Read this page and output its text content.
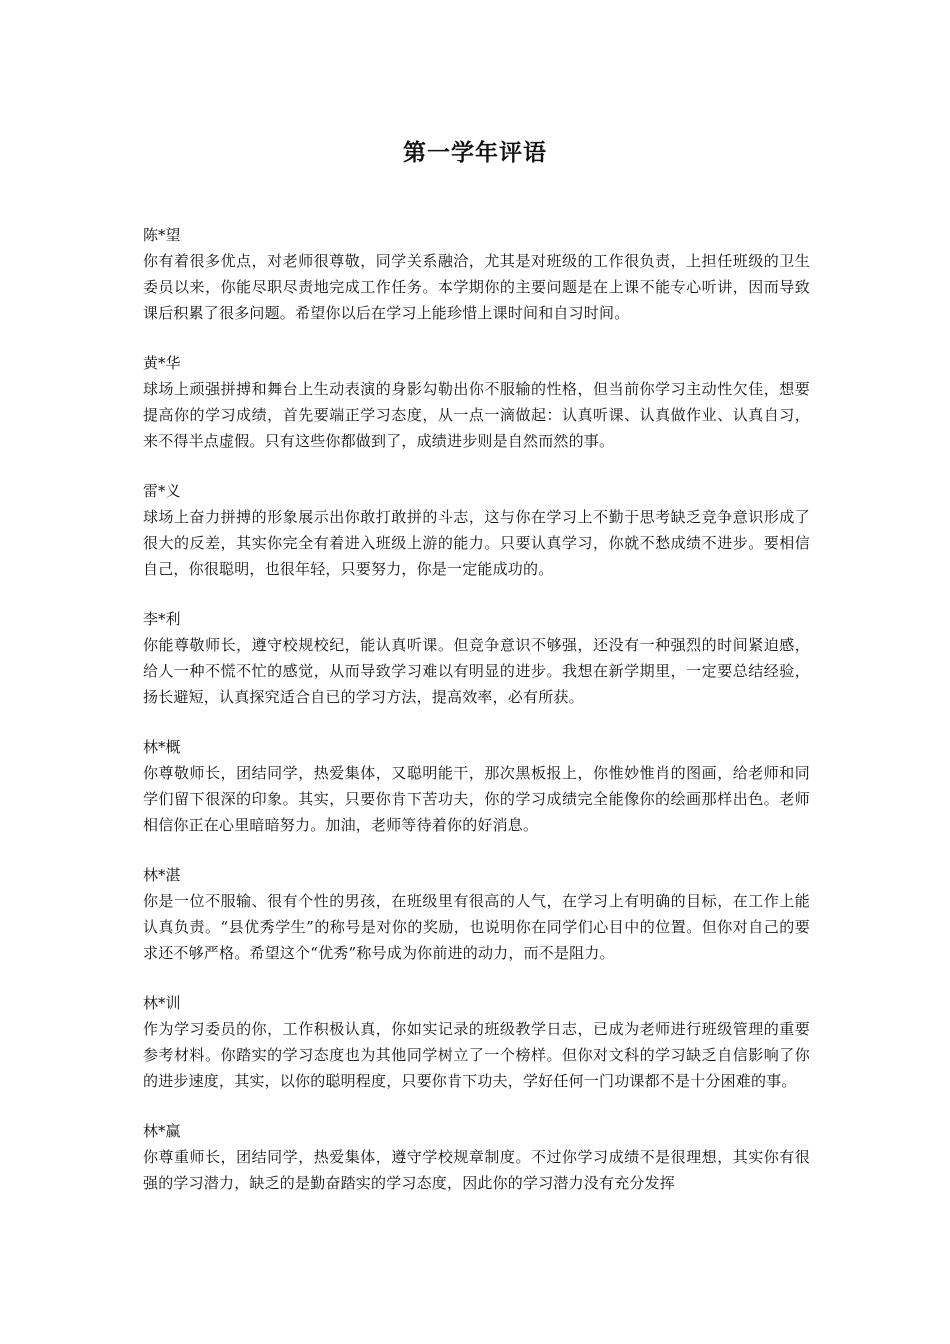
第一学年评语

陈*望

你有着很多优点，对老师很尊敬，同学关系融洽，尤其是对班级的工作很负责，上担任班级的卫生委员以来，你能尽职尽责地完成工作任务。本学期你的主要问题是在上课不能专心听讲，因而导致课后积累了很多问题。希望你以后在学习上能珍惜上课时间和自习时间。

黄*华

球场上顽强拼搏和舞台上生动表演的身影勾勒出你不服输的性格，但当前你学习主动性欠佳，想要提高你的学习成绩，首先要端正学习态度，从一点一滴做起：认真听课、认真做作业、认真自习，来不得半点虚假。只有这些你都做到了，成绩进步则是自然而然的事。

雷*义

球场上奋力拼搏的形象展示出你敢打敢拼的斗志，这与你在学习上不勤于思考缺乏竞争意识形成了很大的反差，其实你完全有着进入班级上游的能力。只要认真学习，你就不愁成绩不进步。要相信自己，你很聪明，也很年轻，只要努力，你是一定能成功的。

李*利

你能尊敬师长，遵守校规校纪，能认真听课。但竞争意识不够强，还没有一种强烈的时间紧迫感，给人一种不慌不忙的感觉，从而导致学习难以有明显的进步。我想在新学期里，一定要总结经验，扬长避短，认真探究适合自已的学习方法，提高效率，必有所获。

林*概

你尊敬师长，团结同学，热爱集体，又聪明能干，那次黑板报上，你惟妙惟肖的图画，给老师和同学们留下很深的印象。其实，只要你肯下苦功夫，你的学习成绩完全能像你的绘画那样出色。老师相信你正在心里暗暗努力。加油，老师等待着你的好消息。

林*湛

你是一位不服输、很有个性的男孩，在班级里有很高的人气，在学习上有明确的目标，在工作上能认真负责。“县优秀学生”的称号是对你的奖励，也说明你在同学们心目中的位置。但你对自己的要求还不够严格。希望这个“优秀”称号成为你前进的动力，而不是阻力。

林*训

作为学习委员的你，工作积极认真，你如实记录的班级教学日志，已成为老师进行班级管理的重要参考材料。你踏实的学习态度也为其他同学树立了一个榜样。但你对文科的学习缺乏自信影响了你的进步速度，其实，以你的聪明程度，只要你肯下功夫，学好任何一门功课都不是十分困难的事。

林*赢

你尊重师长，团结同学，热爱集体，遵守学校规章制度。不过你学习成绩不是很理想，其实你有很强的学习潜力，缺乏的是勤奋踏实的学习态度，因此你的学习潜力没有充分发挥
